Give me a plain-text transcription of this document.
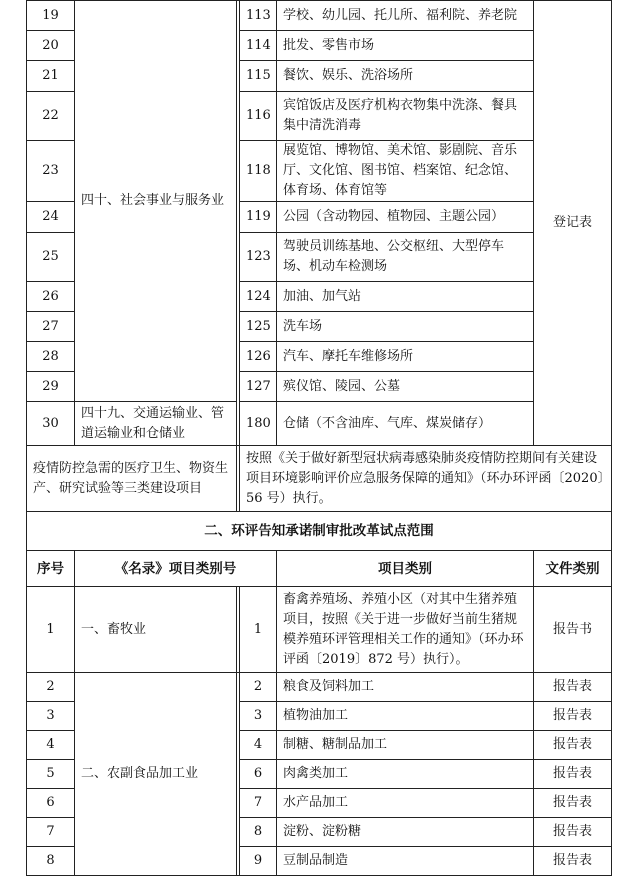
19	四十、社会事业与服务业		113	学校、幼儿园、托儿所、福利院、养老院	登记表
20			114	批发、零售市场	
21			115	餐饮、娱乐、洗浴场所	
22			116	宾馆饭店及医疗机构衣物集中洗涤、餐具集中清洗消毒	
23			118	展览馆、博物馆、美术馆、影剧院、音乐厅、文化馆、图书馆、档案馆、纪念馆、体育场、体育馆等	
24			119	公园（含动物园、植物园、主题公园）	
25			123	驾驶员训练基地、公交枢纽、大型停车场、机动车检测场	
26			124	加油、加气站	
27			125	洗车场	
28			126	汽车、摩托车维修场所	
29			127	殡仪馆、陵园、公墓	
30	四十九、交通运输业、管道运输业和仓储业		180	仓储（不含油库、气库、煤炭储存）	
疫情防控急需的医疗卫生、物资生产、研究试验等三类建设项目			按照《关于做好新型冠状病毒感染肺炎疫情防控期间有关建设项目环境影响评价应急服务保障的通知》（环办环评函〔2020〕56 号）执行。		
二、环评告知承诺制审批改革试点范围					
序号	《名录》项目类别号			项目类别	文件类别
1	一、畜牧业		1	畜禽养殖场、养殖小区（对其中生猪养殖项目，按照《关于进一步做好当前生猪规模养殖环评管理相关工作的通知》（环办环评函〔2019〕872 号）执行）。	报告书
2	二、农副食品加工业		2	粮食及饲料加工	报告表
3			3	植物油加工	报告表
4			4	制糖、糖制品加工	报告表
5			6	肉禽类加工	报告表
6			7	水产品加工	报告表
7			8	淀粉、淀粉糖	报告表
8			9	豆制品制造	报告表
